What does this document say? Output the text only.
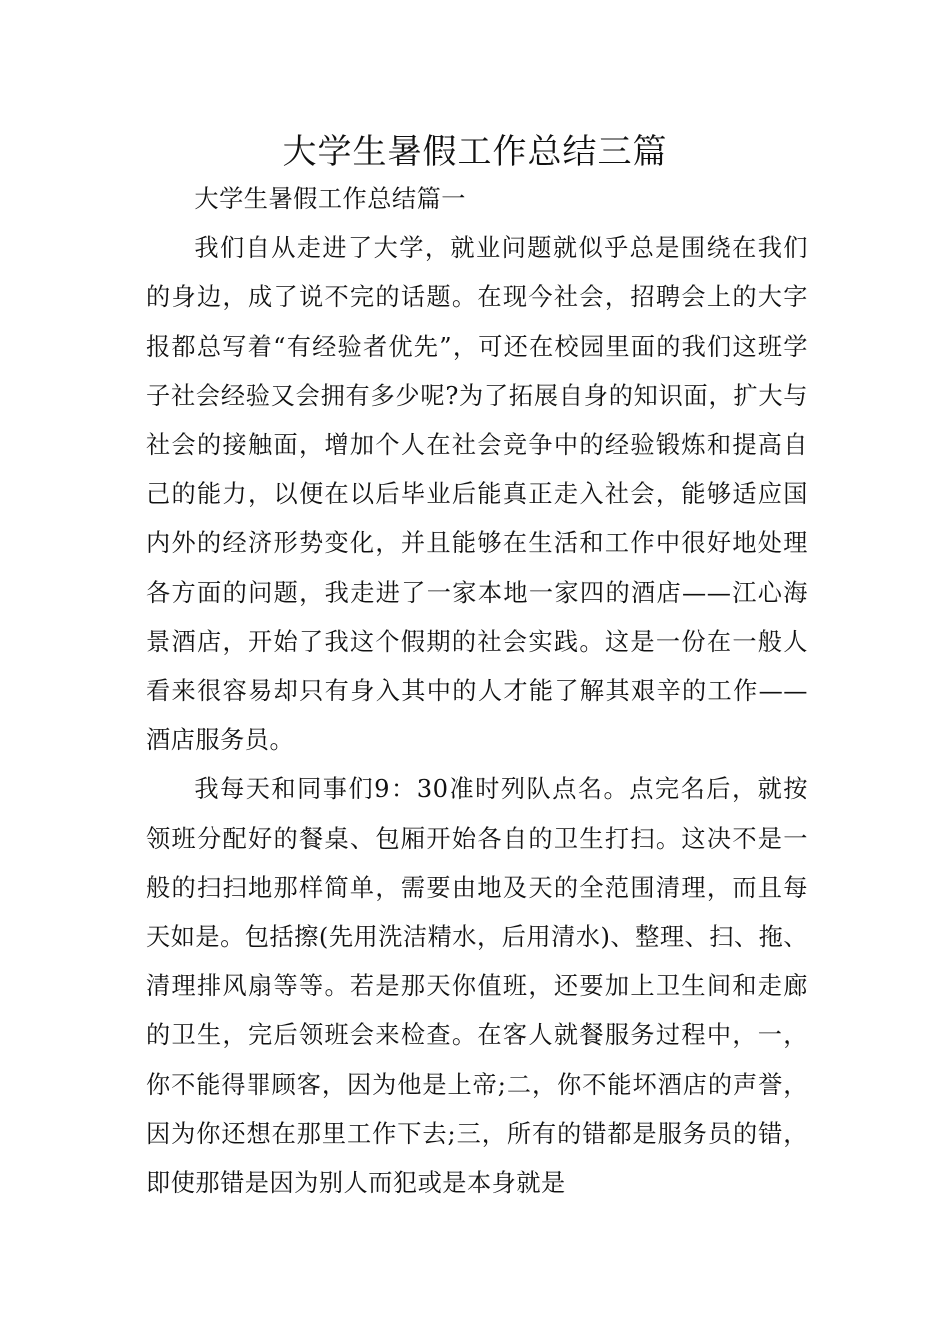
大学生暑假工作总结三篇

大学生暑假工作总结篇一

我们自从走进了大学，就业问题就似乎总是围绕在我们的身边，成了说不完的话题。在现今社会，招聘会上的大字报都总写着“有经验者优先”，可还在校园里面的我们这班学子社会经验又会拥有多少呢?为了拓展自身的知识面，扩大与社会的接触面，增加个人在社会竞争中的经验锻炼和提高自己的能力，以便在以后毕业后能真正走入社会，能够适应国内外的经济形势变化，并且能够在生活和工作中很好地处理各方面的问题，我走进了一家本地一家四的酒店——江心海景酒店，开始了我这个假期的社会实践。这是一份在一般人看来很容易却只有身入其中的人才能了解其艰辛的工作——酒店服务员。

我每天和同事们9：30准时列队点名。点完名后，就按领班分配好的餐桌、包厢开始各自的卫生打扫。这决不是一般的扫扫地那样简单，需要由地及天的全范围清理，而且每天如是。包括擦(先用洗洁精水，后用清水)、整理、扫、拖、清理排风扇等等。若是那天你值班，还要加上卫生间和走廊的卫生，完后领班会来检查。在客人就餐服务过程中，一，你不能得罪顾客，因为他是上帝;二，你不能坏酒店的声誉，因为你还想在那里工作下去;三，所有的错都是服务员的错，即使那错是因为别人而犯或是本身就是
